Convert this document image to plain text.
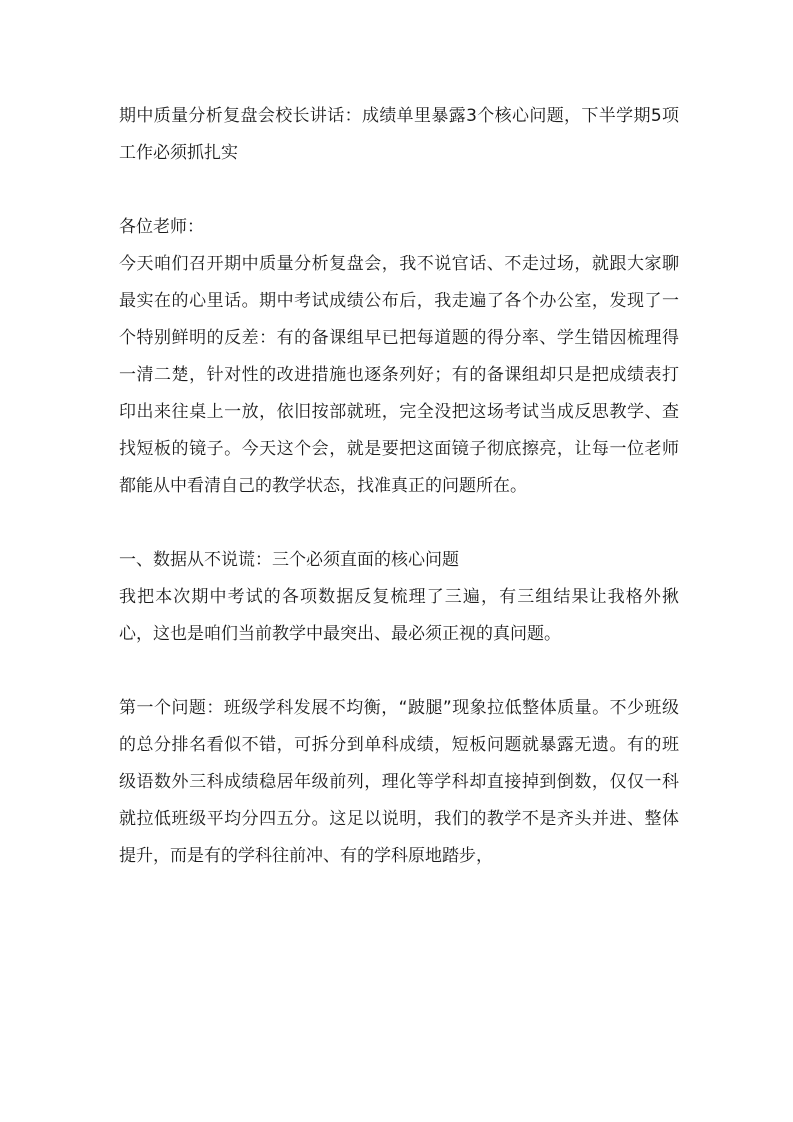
期中质量分析复盘会校长讲话：成绩单里暴露3个核心问题，下半学期5项工作必须抓扎实

各位老师：

今天咱们召开期中质量分析复盘会，我不说官话、不走过场，就跟大家聊最实在的心里话。期中考试成绩公布后，我走遍了各个办公室，发现了一个特别鲜明的反差：有的备课组早已把每道题的得分率、学生错因梳理得一清二楚，针对性的改进措施也逐条列好；有的备课组却只是把成绩表打印出来往桌上一放，依旧按部就班，完全没把这场考试当成反思教学、查找短板的镜子。今天这个会，就是要把这面镜子彻底擦亮，让每一位老师都能从中看清自己的教学状态，找准真正的问题所在。

一、数据从不说谎：三个必须直面的核心问题

我把本次期中考试的各项数据反复梳理了三遍，有三组结果让我格外揪心，这也是咱们当前教学中最突出、最必须正视的真问题。

第一个问题：班级学科发展不均衡，“跛腿”现象拉低整体质量。不少班级的总分排名看似不错，可拆分到单科成绩，短板问题就暴露无遗。有的班级语数外三科成绩稳居年级前列，理化等学科却直接掉到倒数，仅仅一科就拉低班级平均分四五分。这足以说明，我们的教学不是齐头并进、整体提升，而是有的学科往前冲、有的学科原地踏步，
